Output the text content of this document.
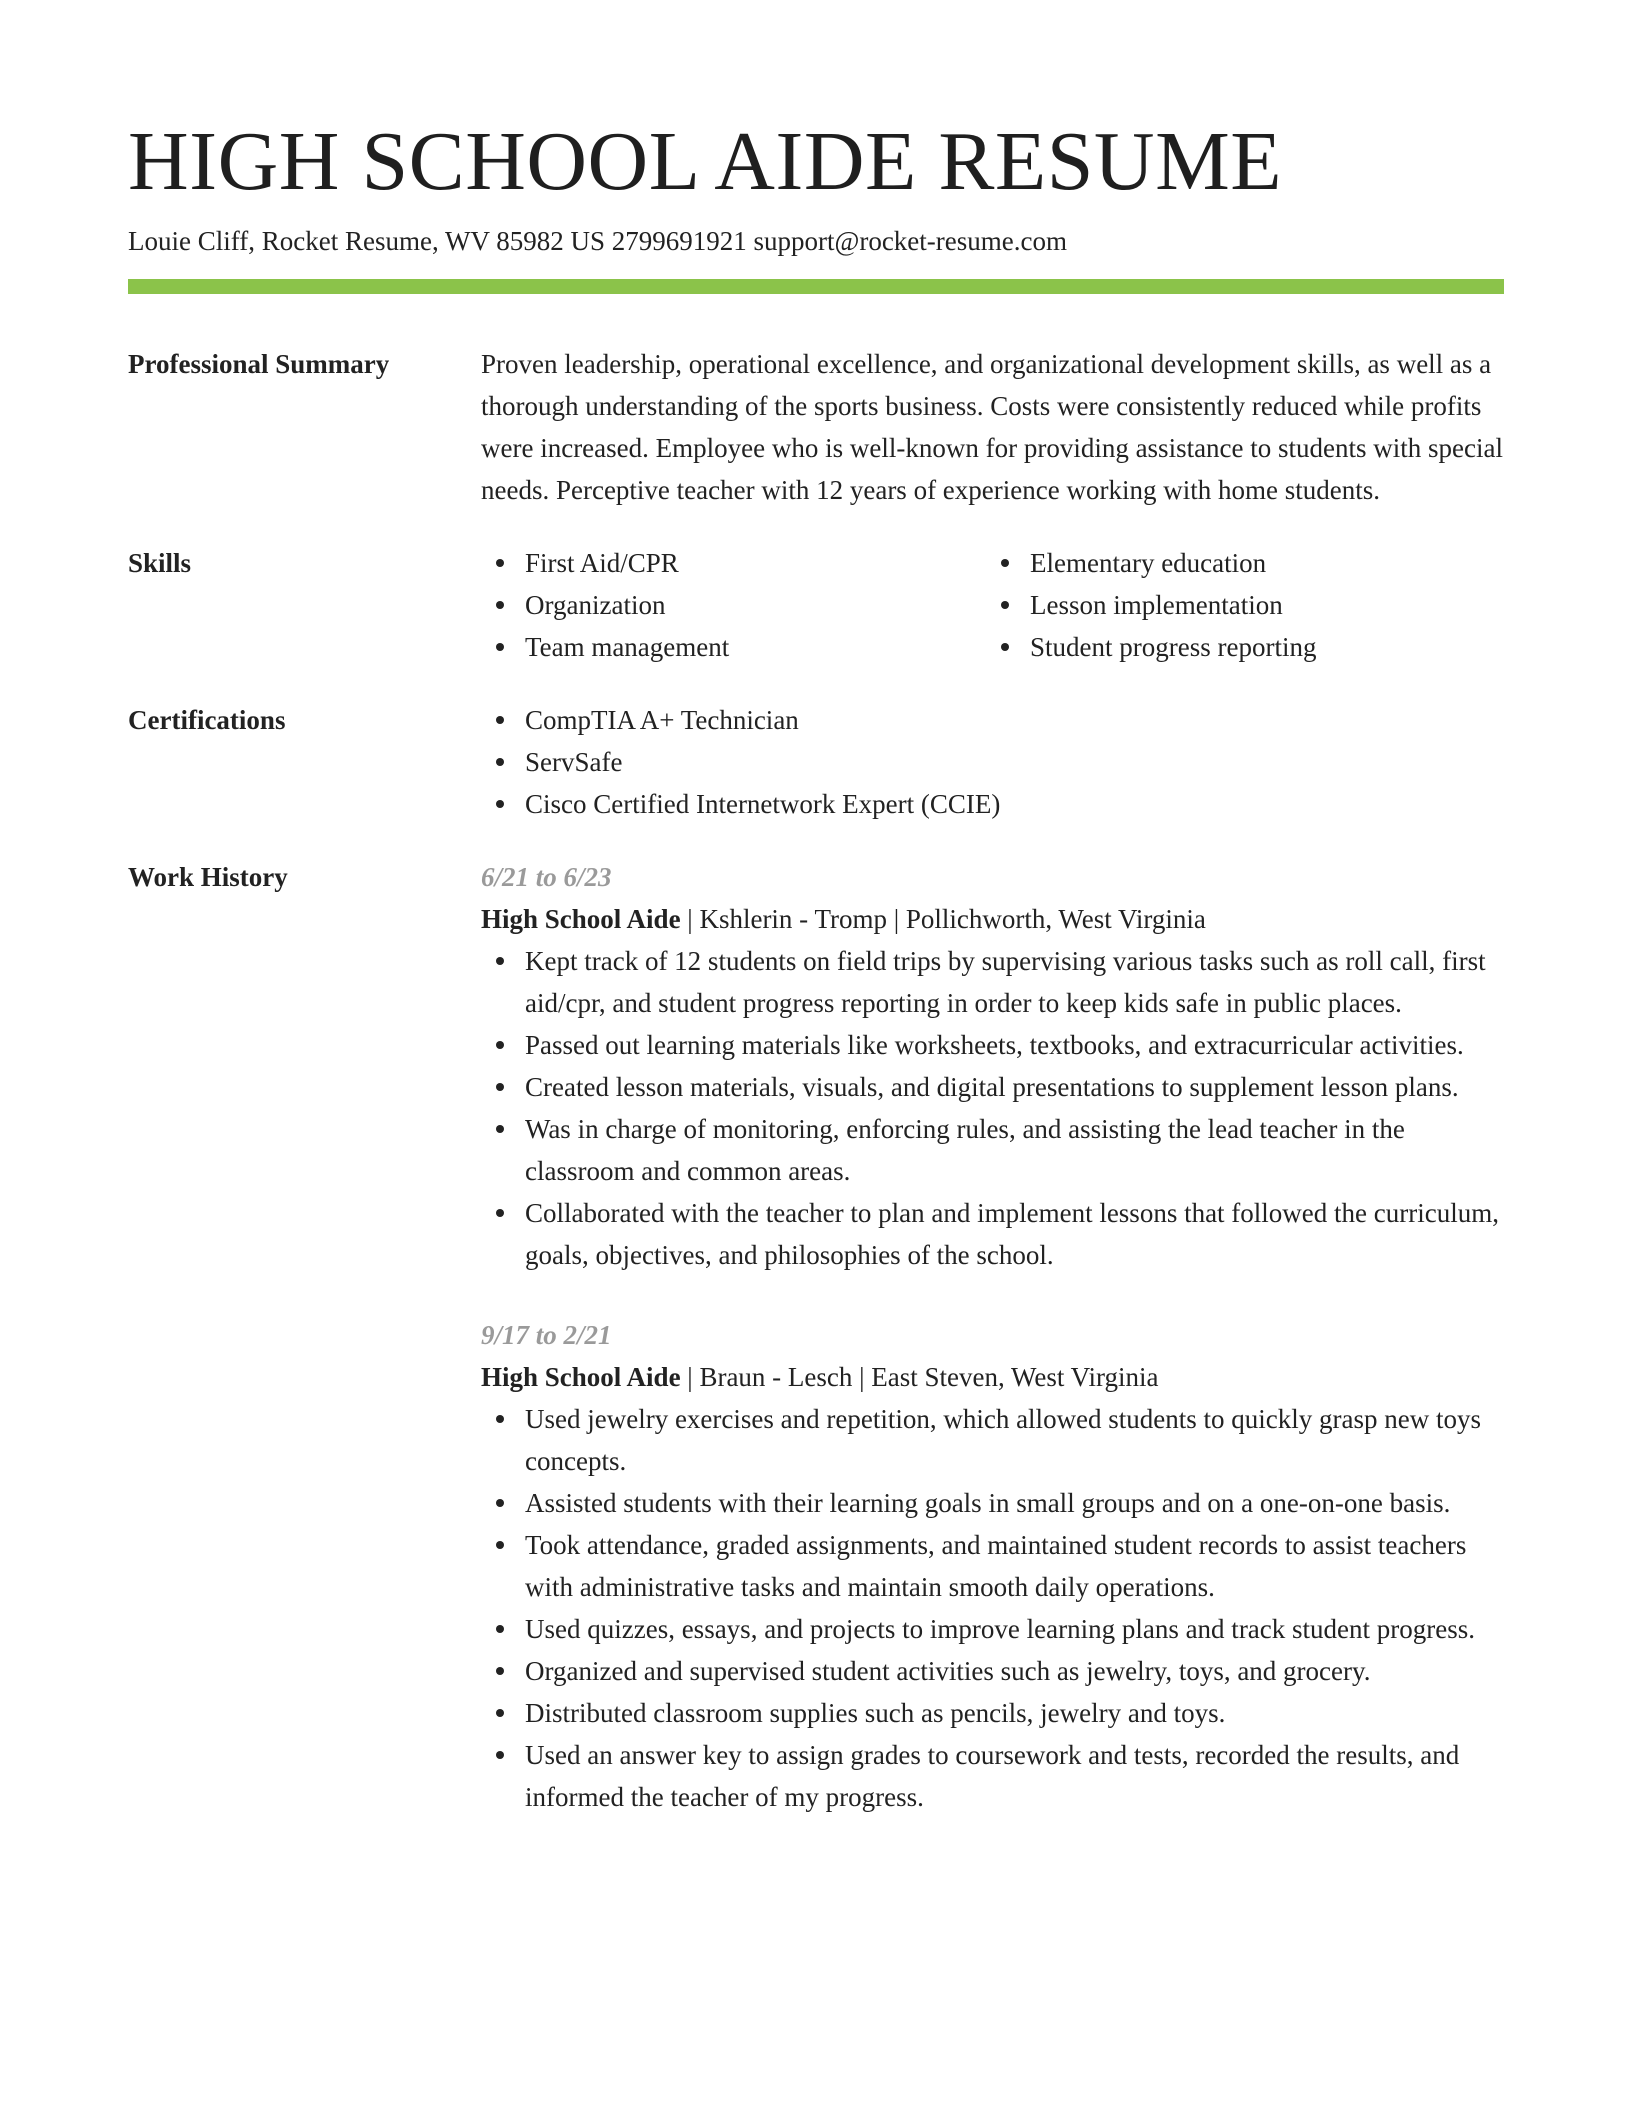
HIGH SCHOOL AIDE RESUME
Louie Cliff, Rocket Resume, WV 85982 US 2799691921 support@rocket-resume.com
Professional Summary	Proven leadership, operational excellence, and organizational development skills, as well as a thorough understanding of the sports business. Costs were consistently reduced while profits were increased. Employee who is well-known for providing assistance to students with special needs. Perceptive teacher with 12 years of experience working with home students.

Skills	First Aid/CPR
Organization
Team management
Elementary education
Lesson implementation
Student progress reporting
Certifications	CompTIA A+ Technician
ServSafe
Cisco Certified Internetwork Expert (CCIE)
Work History	6/21 to 6/23
High School Aide | Kshlerin - Tromp | Pollichworth, West Virginia
Kept track of 12 students on field trips by supervising various tasks such as roll call, first aid/cpr, and student progress reporting in order to keep kids safe in public places.
Passed out learning materials like worksheets, textbooks, and extracurricular activities.
Created lesson materials, visuals, and digital presentations to supplement lesson plans.
Was in charge of monitoring, enforcing rules, and assisting the lead teacher in the classroom and common areas.
Collaborated with the teacher to plan and implement lessons that followed the curriculum, goals, objectives, and philosophies of the school.
9/17 to 2/21
High School Aide | Braun - Lesch | East Steven, West Virginia
Used jewelry exercises and repetition, which allowed students to quickly grasp new toys concepts.
Assisted students with their learning goals in small groups and on a one-on-one basis.
Took attendance, graded assignments, and maintained student records to assist teachers with administrative tasks and maintain smooth daily operations.
Used quizzes, essays, and projects to improve learning plans and track student progress.
Organized and supervised student activities such as jewelry, toys, and grocery.
Distributed classroom supplies such as pencils, jewelry and toys.
Used an answer key to assign grades to coursework and tests, recorded the results, and informed the teacher of my progress.
